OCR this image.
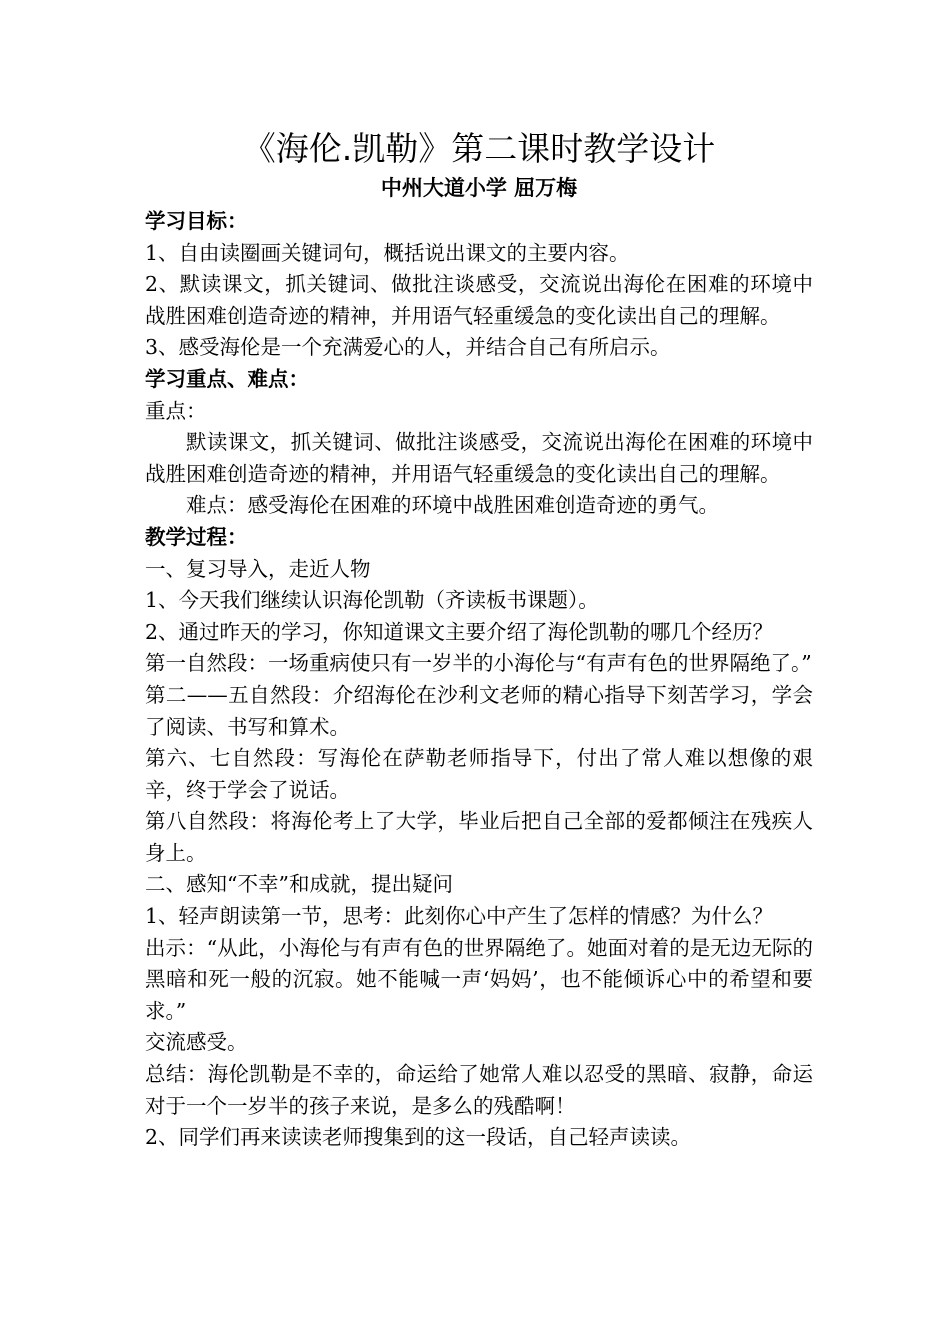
《海伦.凯勒》第二课时教学设计

中州大道小学 屈万梅

学习目标：

1、自由读圈画关键词句，概括说出课文的主要内容。

2、默读课文，抓关键词、做批注谈感受，交流说出海伦在困难的环境中战胜困难创造奇迹的精神，并用语气轻重缓急的变化读出自己的理解。

3、感受海伦是一个充满爱心的人，并结合自己有所启示。

学习重点、难点：

重点：

默读课文，抓关键词、做批注谈感受，交流说出海伦在困难的环境中战胜困难创造奇迹的精神，并用语气轻重缓急的变化读出自己的理解。

难点：感受海伦在困难的环境中战胜困难创造奇迹的勇气。

教学过程：

一、复习导入，走近人物

1、今天我们继续认识海伦凯勒（齐读板书课题）。

2、通过昨天的学习，你知道课文主要介绍了海伦凯勒的哪几个经历？

第一自然段：一场重病使只有一岁半的小海伦与“有声有色的世界隔绝了。”

第二——五自然段：介绍海伦在沙利文老师的精心指导下刻苦学习，学会了阅读、书写和算术。

第六、七自然段：写海伦在萨勒老师指导下，付出了常人难以想像的艰辛，终于学会了说话。

第八自然段：将海伦考上了大学，毕业后把自己全部的爱都倾注在残疾人身上。

二、感知“不幸”和成就，提出疑问

1、轻声朗读第一节，思考：此刻你心中产生了怎样的情感？为什么？

出示：“从此，小海伦与有声有色的世界隔绝了。她面对着的是无边无际的黑暗和死一般的沉寂。她不能喊一声‘妈妈’，也不能倾诉心中的希望和要求。”

交流感受。

总结：海伦凯勒是不幸的，命运给了她常人难以忍受的黑暗、寂静，命运对于一个一岁半的孩子来说，是多么的残酷啊！

2、同学们再来读读老师搜集到的这一段话，自己轻声读读。
